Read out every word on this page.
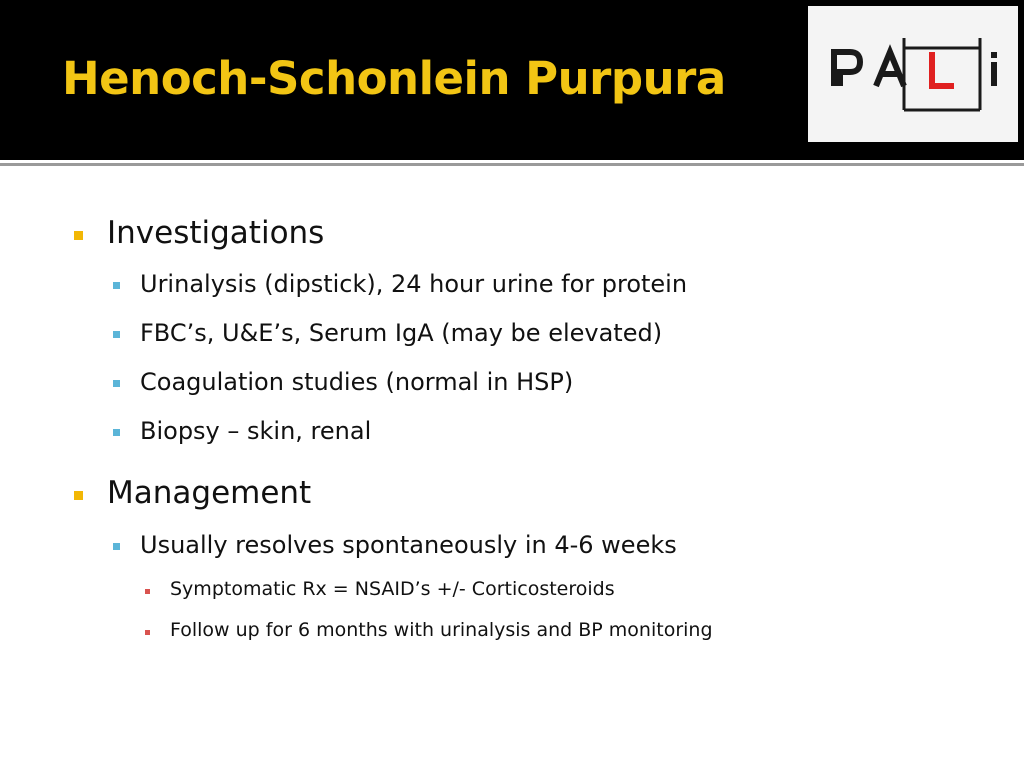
Henoch-Schonlein Purpura
Investigations
Urinalysis (dipstick), 24 hour urine for protein
FBC’s, U&E’s, Serum IgA (may be elevated)
Coagulation studies (normal in HSP)
Biopsy – skin, renal
Management
Usually resolves spontaneously in 4-6 weeks
Symptomatic Rx = NSAID’s +/- Corticosteroids
Follow up for 6 months with urinalysis and BP monitoring
